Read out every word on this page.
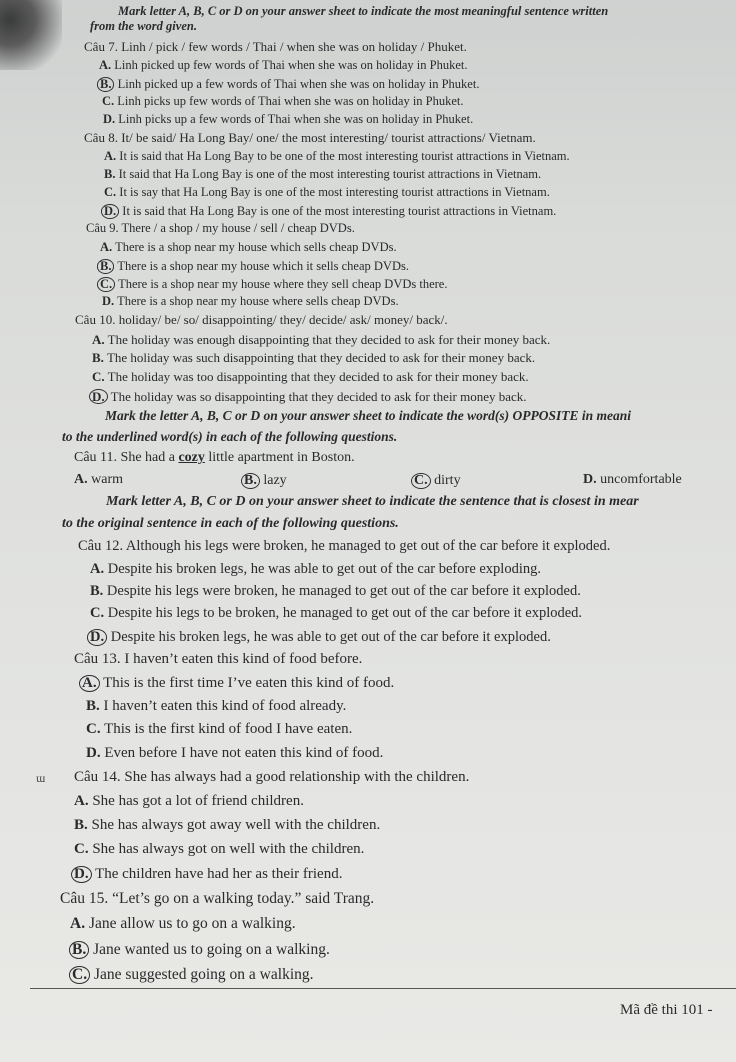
Mark letter A, B, C or D on your answer sheet to indicate the most meaningful sentence written
from the word given.
Câu 7. Linh / pick / few words / Thai / when she was on holiday / Phuket.
A. Linh picked up few words of Thai when she was on holiday in Phuket.
B. Linh picked up a few words of Thai when she was on holiday in Phuket.
C. Linh picks up few words of Thai when she was on holiday in Phuket.
D. Linh picks up a few words of Thai when she was on holiday in Phuket.
Câu 8. It/ be said/ Ha Long Bay/ one/ the most interesting/ tourist attractions/ Vietnam.
A. It is said that Ha Long Bay to be one of the most interesting tourist attractions in Vietnam.
B. It said that Ha Long Bay is one of the most interesting tourist attractions in Vietnam.
C. It is say that Ha Long Bay is one of the most interesting tourist attractions in Vietnam.
D. It is said that Ha Long Bay is one of the most interesting tourist attractions in Vietnam.
Câu 9. There / a shop / my house / sell / cheap DVDs.
A. There is a shop near my house which sells cheap DVDs.
B. There is a shop near my house which it sells cheap DVDs.
C. There is a shop near my house where they sell cheap DVDs there.
D. There is a shop near my house where sells cheap DVDs.
Câu 10. holiday/ be/ so/ disappointing/ they/ decide/ ask/ money/ back/.
A. The holiday was enough disappointing that they decided to ask for their money back.
B. The holiday was such disappointing that they decided to ask for their money back.
C. The holiday was too disappointing that they decided to ask for their money back.
D. The holiday was so disappointing that they decided to ask for their money back.
Mark the letter A, B, C or D on your answer sheet to indicate the word(s) OPPOSITE in meani
to the underlined word(s) in each of the following questions.
Câu 11. She had a cozy little apartment in Boston.
A. warm	B. lazy	C. dirty	D. uncomfortable
Mark letter A, B, C or D on your answer sheet to indicate the sentence that is closest in mear
to the original sentence in each of the following questions.
Câu 12. Although his legs were broken, he managed to get out of the car before it exploded.
A. Despite his broken legs, he was able to get out of the car before exploding.
B. Despite his legs were broken, he managed to get out of the car before it exploded.
C. Despite his legs to be broken, he managed to get out of the car before it exploded.
D. Despite his broken legs, he was able to get out of the car before it exploded.
Câu 13. I haven’t eaten this kind of food before.
A. This is the first time I’ve eaten this kind of food.
B. I haven’t eaten this kind of food already.
C. This is the first kind of food I have eaten.
D. Even before I have not eaten this kind of food.
ɯ Câu 14. She has always had a good relationship with the children.
A. She has got a lot of friend children.
B. She has always got away well with the children.
C. She has always got on well with the children.
D. The children have had her as their friend.
Câu 15. “Let’s go on a walking today.” said Trang.
A. Jane allow us to go on a walking.
B. Jane wanted us to going on a walking.
C. Jane suggested going on a walking.
Mã đề thi 101 -
